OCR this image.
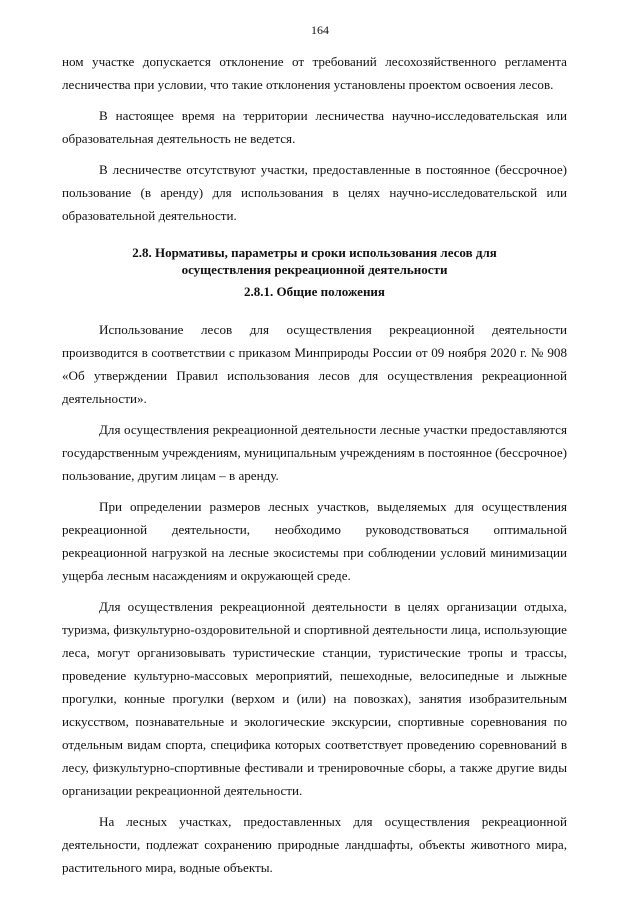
164

ном участке допускается отклонение от требований лесохозяйственного регламента лесничества при условии, что такие отклонения установлены проектом освоения лесов.

В настоящее время на территории лесничества научно-исследовательская или образовательная деятельность не ведется.

В лесничестве отсутствуют участки, предоставленные в постоянное (бессрочное) пользование (в аренду) для использования в целях научно-исследовательской или образовательной деятельности.

2.8. Нормативы, параметры и сроки использования лесов для
осуществления рекреационной деятельности
2.8.1. Общие положения

Использование лесов для осуществления рекреационной деятельности производится в соответствии с приказом Минприроды России от 09 ноября 2020 г. № 908 «Об утверждении Правил использования лесов для осуществления рекреационной деятельности».

Для осуществления рекреационной деятельности лесные участки предоставляются государственным учреждениям, муниципальным учреждениям в постоянное (бессрочное) пользование, другим лицам – в аренду.

При определении размеров лесных участков, выделяемых для осуществления рекреационной деятельности, необходимо руководствоваться оптимальной рекреационной нагрузкой на лесные экосистемы при соблюдении условий минимизации ущерба лесным насаждениям и окружающей среде.

Для осуществления рекреационной деятельности в целях организации отдыха, туризма, физкультурно-оздоровительной и спортивной деятельности лица, использующие леса, могут организовывать туристические станции, туристические тропы и трассы, проведение культурно-массовых мероприятий, пешеходные, велосипедные и лыжные прогулки, конные прогулки (верхом и (или) на повозках), занятия изобразительным искусством, познавательные и экологические экскурсии, спортивные соревнования по отдельным видам спорта, специфика которых соответствует проведению соревнований в лесу, физкультурно-спортивные фестивали и тренировочные сборы, а также другие виды организации рекреационной деятельности.

На лесных участках, предоставленных для осуществления рекреационной деятельности, подлежат сохранению природные ландшафты, объекты животного мира, растительного мира, водные объекты.
